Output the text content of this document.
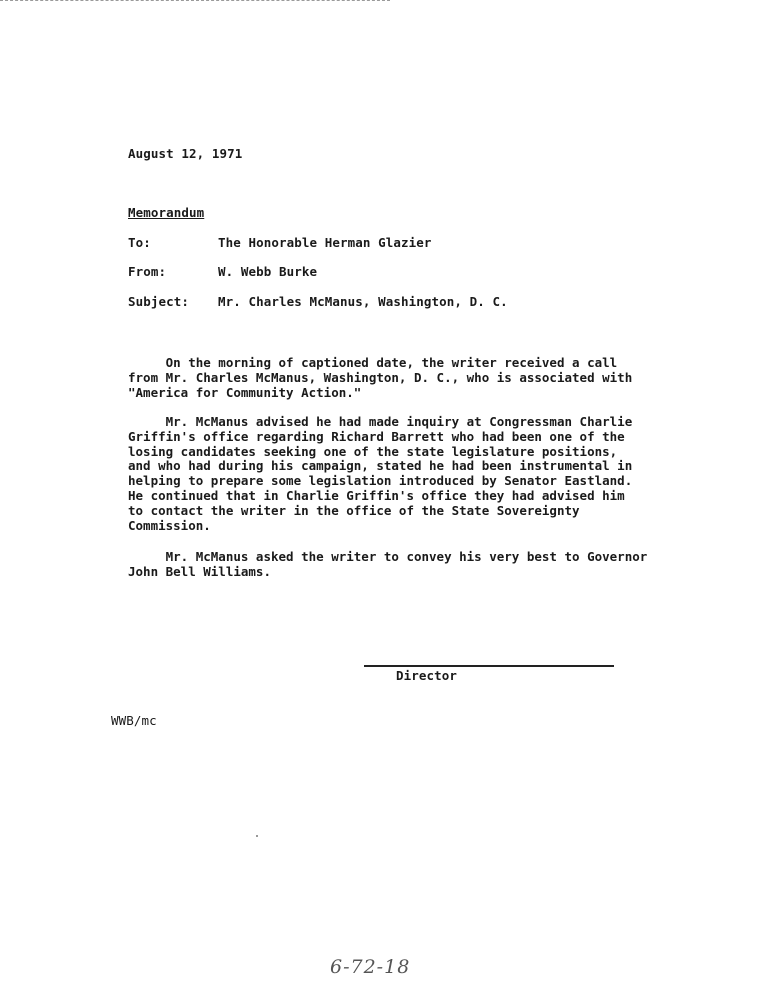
August 12, 1971
Memorandum
To:	The Honorable Herman Glazier
From:	W. Webb Burke
Subject: Mr. Charles McManus, Washington, D. C.
On the morning of captioned date, the writer received a call
from Mr. Charles McManus, Washington, D. C., who is associated with
"America for Community Action."
Mr. McManus advised he had made inquiry at Congressman Charlie
Griffin's office regarding Richard Barrett who had been one of the
losing candidates seeking one of the state legislature positions,
and who had during his campaign, stated he had been instrumental in
helping to prepare some legislation introduced by Senator Eastland.
He continued that in Charlie Griffin's office they had advised him
to contact the writer in the office of the State Sovereignty
Commission.
Mr. McManus asked the writer to convey his very best to Governor
John Bell Williams.
Director
WWB/mc
6-72-18
